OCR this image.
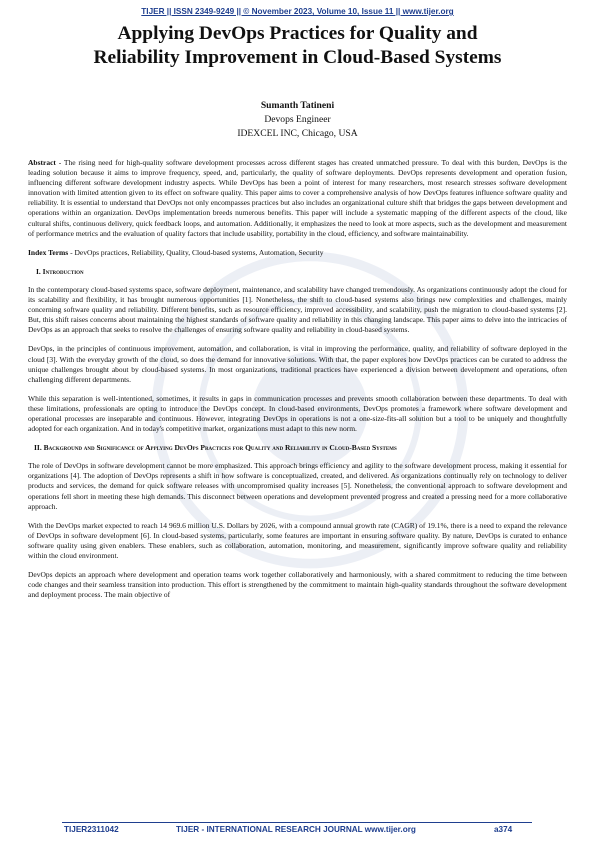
TIJER || ISSN 2349-9249 || © November 2023, Volume 10, Issue 11 || www.tijer.org
Applying DevOps Practices for Quality and
Reliability Improvement in Cloud-Based Systems
Sumanth Tatineni
Devops Engineer
IDEXCEL INC, Chicago, USA

Abstract - The rising need for high-quality software development processes across different stages has created unmatched pressure. To deal with this burden, DevOps is the leading solution because it aims to improve frequency, speed, and, particularly, the quality of software deployments. DevOps represents development and operation fusion, influencing different software development industry aspects. While DevOps has been a point of interest for many researchers, most research stresses software development innovation with limited attention given to its effect on software quality. This paper aims to cover a comprehensive analysis of how DevOps features influence software quality and reliability. It is essential to understand that DevOps not only encompasses practices but also includes an organizational culture shift that bridges the gaps between development and operations within an organization. DevOps implementation breeds numerous benefits. This paper will include a systematic mapping of the different aspects of the cloud, like cultural shifts, continuous delivery, quick feedback loops, and automation. Additionally, it emphasizes the need to look at more aspects, such as the development and measurement of performance metrics and the evaluation of quality factors that include usability, portability in the cloud, efficiency, and software maintainability.

Index Terms - DevOps practices, Reliability, Quality, Cloud-based systems, Automation, Security

I. Introduction

In the contemporary cloud-based systems space, software deployment, maintenance, and scalability have changed tremendously. As organizations continuously adopt the cloud for its scalability and flexibility, it has brought numerous opportunities [1]. Nonetheless, the shift to cloud-based systems also brings new complexities and challenges, mainly concerning software quality and reliability. Different benefits, such as resource efficiency, improved accessibility, and scalability, push the migration to cloud-based systems [2]. But, this shift raises concerns about maintaining the highest standards of software quality and reliability in this changing landscape. This paper aims to delve into the intricacies of DevOps as an approach that seeks to resolve the challenges of ensuring software quality and reliability in cloud-based systems.

DevOps, in the principles of continuous improvement, automation, and collaboration, is vital in improving the performance, quality, and reliability of software deployed in the cloud [3]. With the everyday growth of the cloud, so does the demand for innovative solutions. With that, the paper explores how DevOps practices can be curated to address the unique challenges brought about by cloud-based systems. In most organizations, traditional practices have experienced a division between development and operations, often challenging different departments.

While this separation is well-intentioned, sometimes, it results in gaps in communication processes and prevents smooth collaboration between these departments. To deal with these limitations, professionals are opting to introduce the DevOps concept. In cloud-based environments, DevOps promotes a framework where software development and operational processes are inseparable and continuous. However, integrating DevOps in operations is not a one-size-fits-all solution but a tool to be uniquely and thoughtfully adopted for each organization. And in today's competitive market, organizations must adapt to this new norm.

II. Background and Significance of Applying DevOps Practices for Quality and Reliability in Cloud-Based Systems

The role of DevOps in software development cannot be more emphasized. This approach brings efficiency and agility to the software development process, making it essential for organizations [4]. The adoption of DevOps represents a shift in how software is conceptualized, created, and delivered. As organizations continually rely on technology to deliver products and services, the demand for quick software releases with uncompromised quality increases [5]. Nonetheless, the conventional approach to software development and operations fell short in meeting these high demands. This disconnect between operations and development prevented progress and created a pressing need for a more collaborative approach.

With the DevOps market expected to reach 14 969.6 million U.S. Dollars by 2026, with a compound annual growth rate (CAGR) of 19.1%, there is a need to expand the relevance of DevOps in software development [6]. In cloud-based systems, particularly, some features are important in ensuring software quality. By nature, DevOps is curated to enhance software quality using given enablers. These enablers, such as collaboration, automation, monitoring, and measurement, significantly improve software quality and reliability within the cloud environment.

DevOps depicts an approach where development and operation teams work together collaboratively and harmoniously, with a shared commitment to reducing the time between code changes and their seamless transition into production. This effort is strengthened by the commitment to maintain high-quality standards throughout the software development and deployment process. The main objective of

TIJER2311042	TIJER - INTERNATIONAL RESEARCH JOURNAL www.tijer.org	a374
